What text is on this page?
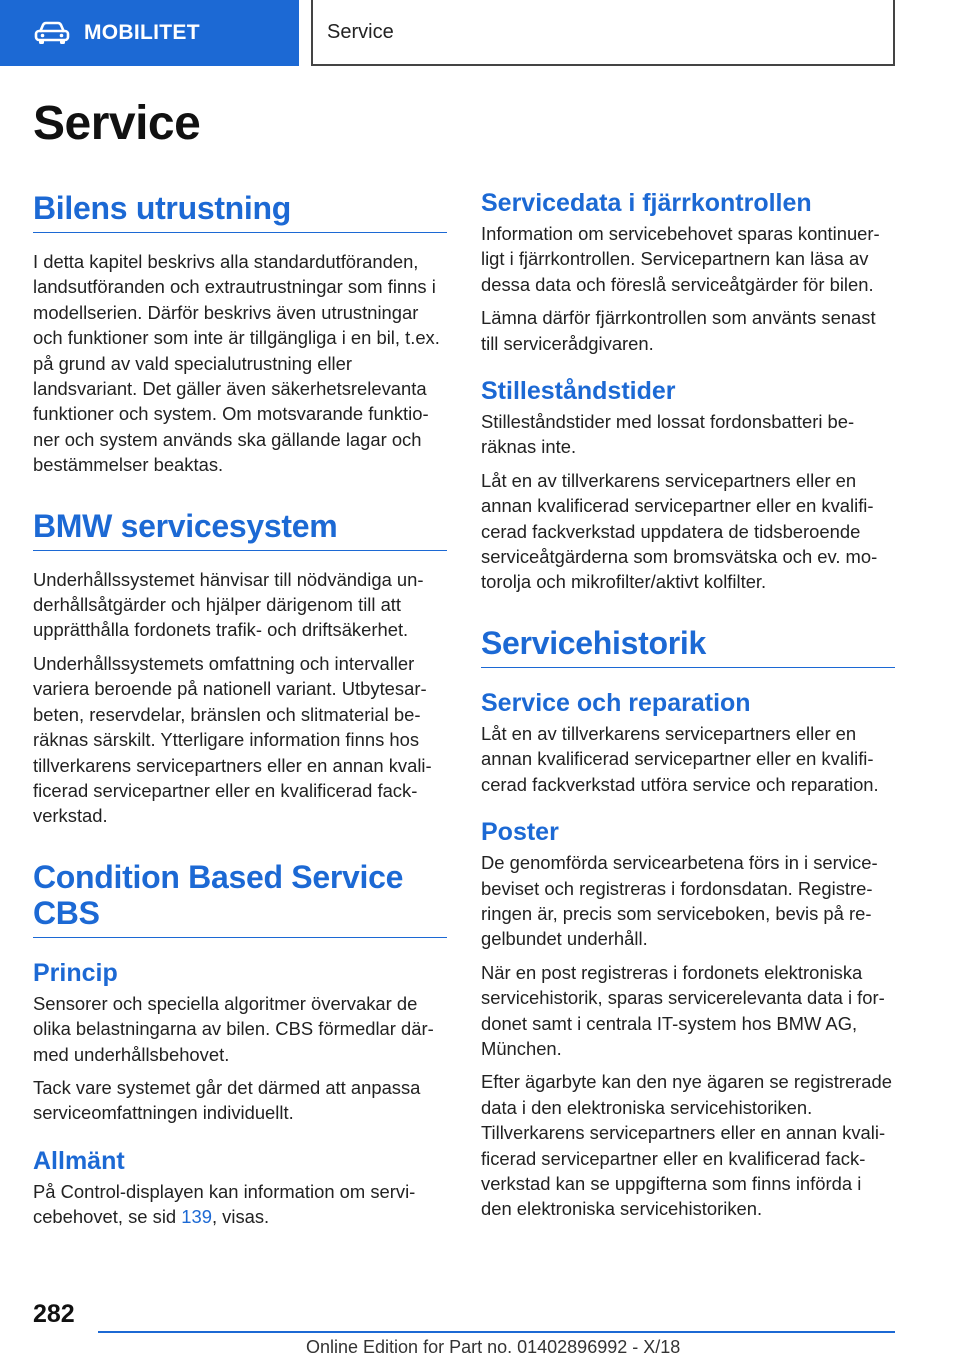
MOBILITET	Service
Service
Bilens utrustning

I detta kapitel beskrivs alla standardutföranden, landsutföranden och extrautrustningar som finns i modellserien. Därför beskrivs även utrustningar och funktioner som inte är tillgängliga i en bil, t.ex. på grund av vald specialutrustning eller landsvariant. Det gäller även säkerhetsrelevanta funktioner och system. Om motsvarande funktioner och system används ska gällande lagar och bestämmelser beaktas.

BMW servicesystem

Underhållssystemet hänvisar till nödvändiga underhållsåtgärder och hjälper därigenom till att upprätthålla fordonets trafik- och driftsäkerhet.

Underhållssystemets omfattning och intervaller variera beroende på nationell variant. Utbytesarbeten, reservdelar, bränslen och slitmaterial beräknas särskilt. Ytterligare information finns hos tillverkarens servicepartners eller en annan kvalificerad servicepartner eller en kvalificerad fackverkstad.

Condition Based Service CBS
Princip

Sensorer och speciella algoritmer övervakar de olika belastningarna av bilen. CBS förmedlar därmed underhållsbehovet.

Tack vare systemet går det därmed att anpassa serviceomfattningen individuellt.

Allmänt

På Control-displayen kan information om servicebehovet, se sid 139, visas.

Servicedata i fjärrkontrollen

Information om servicebehovet sparas kontinuerligt i fjärrkontrollen. Servicepartnern kan läsa av dessa data och föreslå serviceåtgärder för bilen.

Lämna därför fjärrkontrollen som använts senast till servicerådgivaren.

Stilleståndstider

Stilleståndstider med lossat fordonsbatteri beräknas inte.

Låt en av tillverkarens servicepartners eller en annan kvalificerad servicepartner eller en kvalificerad fackverkstad uppdatera de tidsberoende serviceåtgärderna som bromsvätska och ev. motorolja och mikrofilter/aktivt kolfilter.

Servicehistorik
Service och reparation

Låt en av tillverkarens servicepartners eller en annan kvalificerad servicepartner eller en kvalificerad fackverkstad utföra service och reparation.

Poster

De genomförda servicearbetena förs in i servicebeviset och registreras i fordonsdatan. Registreringen är, precis som serviceboken, bevis på regelbundet underhåll.

När en post registreras i fordonets elektroniska servicehistorik, sparas servicerelevanta data i fordonet samt i centrala IT-system hos BMW AG, München.

Efter ägarbyte kan den nye ägaren se registrerade data i den elektroniska servicehistoriken. Tillverkarens servicepartners eller en annan kvalificerad servicepartner eller en kvalificerad fackverkstad kan se uppgifterna som finns införda i den elektroniska servicehistoriken.

282
Online Edition for Part no. 01402896992 - X/18
